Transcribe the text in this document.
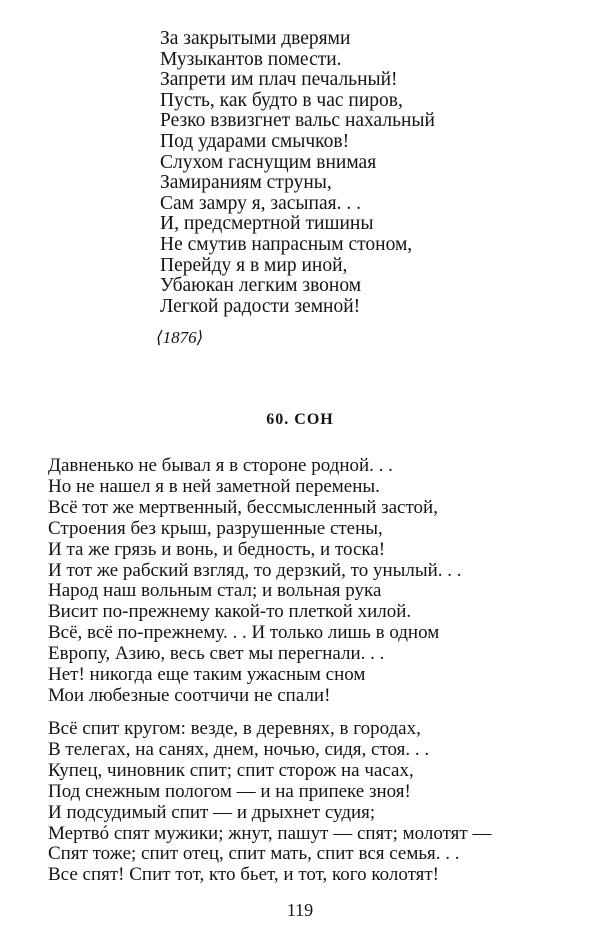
За закрытыми дверями
Музыкантов помести.
Запрети им плач печальный!
Пусть, как будто в час пиров,
Резко взвизгнет вальс нахальный
Под ударами смычков!
Слухом гаснущим внимая
Замираниям струны,
Сам замру я, засыпая. . .
И, предсмертной тишины
Не смутив напрасным стоном,
Перейду я в мир иной,
Убаюкан легким звоном
Легкой радости земной!
⟨1876⟩
60. СОН
Давненько не бывал я в стороне родной. . .
Но не нашел я в ней заметной перемены.
Всё тот же мертвенный, бессмысленный застой,
Строения без крыш, разрушенные стены,
И та же грязь и вонь, и бедность, и тоска!
И тот же рабский взгляд, то дерзкий, то унылый. . .
Народ наш вольным стал; и вольная рука
Висит по-прежнему какой-то плеткой хилой.
Всё, всё по-прежнему. . . И только лишь в одном
Европу, Азию, весь свет мы перегнали. . .
Нет! никогда еще таким ужасным сном
Мои любезные соотчичи не спали!
Всё спит кругом: везде, в деревнях, в городах,
В телегах, на санях, днем, ночью, сидя, стоя. . .
Купец, чиновник спит; спит сторож на часах,
Под снежным пологом — и на припеке зноя!
И подсудимый спит — и дрыхнет судия;
Мертвó спят мужики; жнут, пашут — спят; молотят —
Спят тоже; спит отец, спит мать, спит вся семья. . .
Все спят! Спит тот, кто бьет, и тот, кого колотят!
119
